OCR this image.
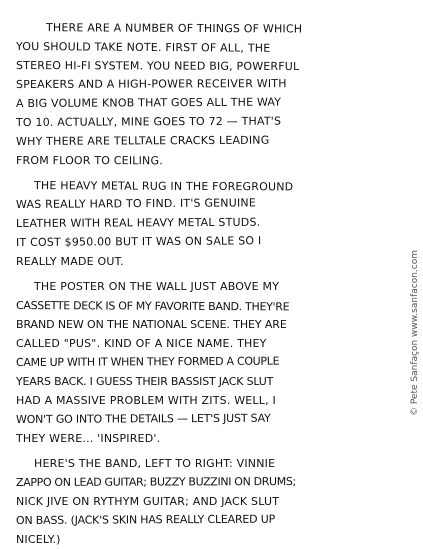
THERE ARE A NUMBER OF THINGS OF WHICH
YOU SHOULD TAKE NOTE. FIRST OF ALL, THE
STEREO HI-FI SYSTEM. YOU NEED BIG, POWERFUL
SPEAKERS AND A HIGH-POWER RECEIVER WITH
A BIG VOLUME KNOB THAT GOES ALL THE WAY
TO 10. ACTUALLY, MINE GOES TO 72 — THAT'S
WHY THERE ARE TELLTALE CRACKS LEADING
FROM FLOOR TO CEILING.
THE HEAVY METAL RUG IN THE FOREGROUND
WAS REALLY HARD TO FIND. IT'S GENUINE
LEATHER WITH REAL HEAVY METAL STUDS.
IT COST $950.00 BUT IT WAS ON SALE SO I
REALLY MADE OUT.
THE POSTER ON THE WALL JUST ABOVE MY
CASSETTE DECK IS OF MY FAVORITE BAND. THEY'RE
BRAND NEW ON THE NATIONAL SCENE. THEY ARE
CALLED "PUS". KIND OF A NICE NAME. THEY
CAME UP WITH IT WHEN THEY FORMED A COUPLE
YEARS BACK. I GUESS THEIR BASSIST JACK SLUT
HAD A MASSIVE PROBLEM WITH ZITS. WELL, I
WON'T GO INTO THE DETAILS — LET'S JUST SAY
THEY WERE... 'INSPIRED'.
HERE'S THE BAND, LEFT TO RIGHT: VINNIE
ZAPPO ON LEAD GUITAR; BUZZY BUZZINI ON DRUMS;
NICK JIVE ON RYTHYM GUITAR; AND JACK SLUT
ON BASS. (JACK'S SKIN HAS REALLY CLEARED UP
NICELY.)
© Pete Sanfaçon www.sanfacon.com
